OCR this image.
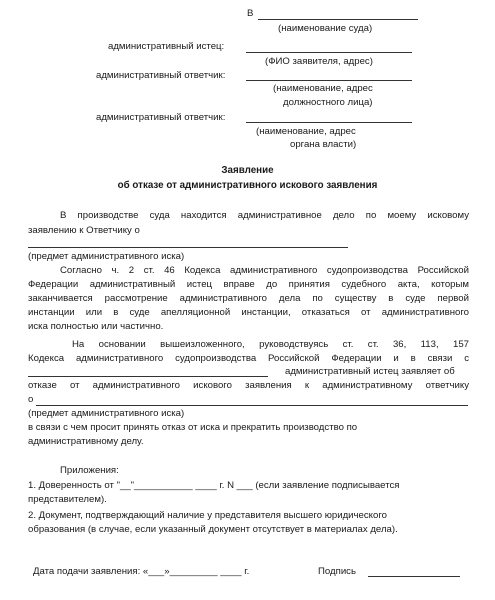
В
(наименование суда)
административный истец:
(ФИО заявителя, адрес)
административный ответчик:
(наименование, адрес
должностного лица)
административный ответчик:
(наименование, адрес
органа власти)
Заявление
об отказе от административного искового заявления
В производстве суда находится административное дело по моему исковому
заявлению к Ответчику о
(предмет административного иска)
Согласно ч. 2 ст. 46 Кодекса административного судопроизводства Российской
Федерации административный истец вправе до принятия судебного акта, которым
заканчивается рассмотрение административного дела по существу в суде первой
инстанции или в суде апелляционной инстанции, отказаться от административного
иска полностью или частично.
На основании вышеизложенного, руководствуясь ст. ст. 36, 113, 157
Кодекса административного судопроизводства Российской Федерации и в связи с
административный истец заявляет об
отказе от административного искового заявления к административному ответчику
о
(предмет административного иска)
в связи с чем просит принять отказ от иска и прекратить производство по
административному делу.
Приложения:
1. Доверенность от "__"___________ ____ г. N ___ (если заявление подписывается
представителем).
2. Документ, подтверждающий наличие у представителя высшего юридического
образования (в случае, если указанный документ отсутствует в материалах дела).
Дата подачи заявления: «___»_________ ____ г.	Подпись
